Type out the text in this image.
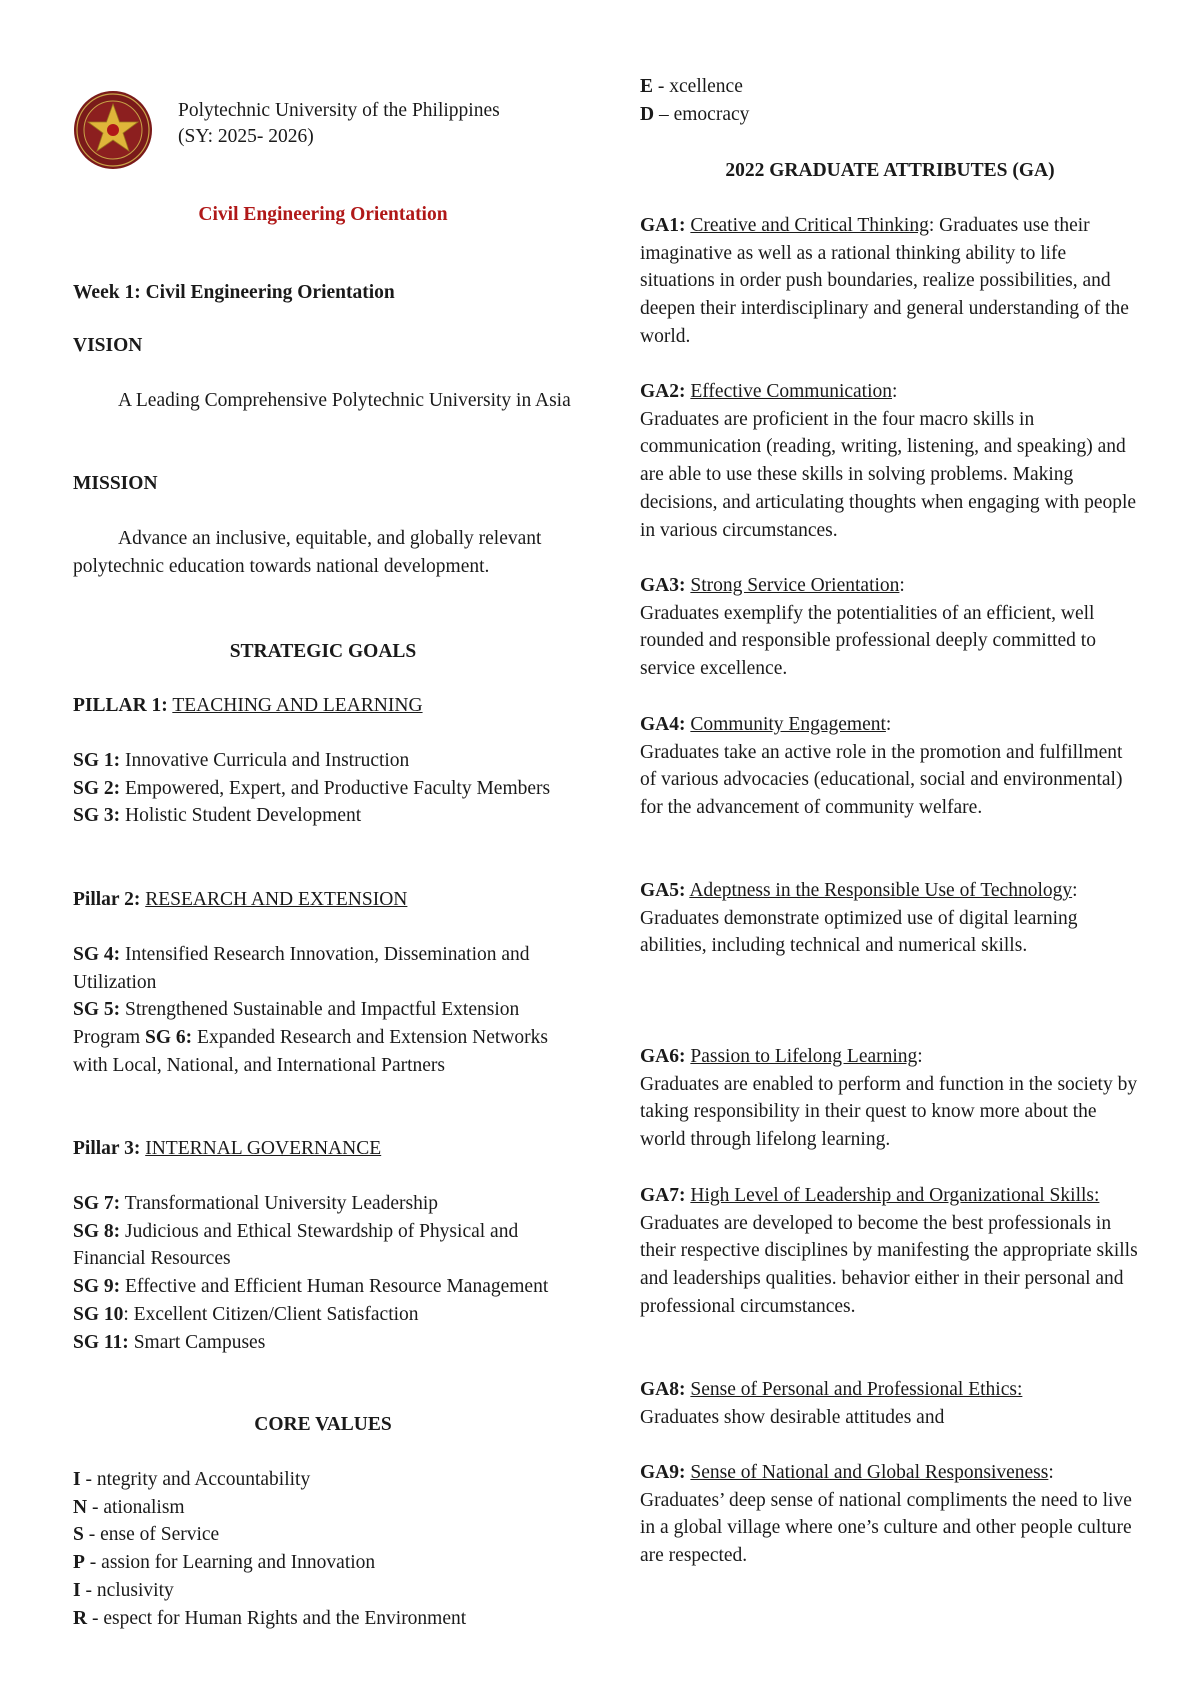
Polytechnic University of the Philippines
(SY: 2025- 2026)
Civil Engineering Orientation
Week 1: Civil Engineering Orientation
VISION

A Leading Comprehensive Polytechnic University in Asia

MISSION

Advance an inclusive, equitable, and globally relevant polytechnic education towards national development.

STRATEGIC GOALS
PILLAR 1: TEACHING AND LEARNING
SG 1: Innovative Curricula and Instruction
SG 2: Empowered, Expert, and Productive Faculty Members
SG 3: Holistic Student Development
Pillar 2: RESEARCH AND EXTENSION
SG 4: Intensified Research Innovation, Dissemination and Utilization
SG 5: Strengthened Sustainable and Impactful Extension Program SG 6: Expanded Research and Extension Networks with Local, National, and International Partners
Pillar 3: INTERNAL GOVERNANCE
SG 7: Transformational University Leadership
SG 8: Judicious and Ethical Stewardship of Physical and Financial Resources
SG 9: Effective and Efficient Human Resource Management
SG 10: Excellent Citizen/Client Satisfaction
SG 11: Smart Campuses
CORE VALUES
I - ntegrity and Accountability
N - ationalism
S - ense of Service
P - assion for Learning and Innovation
I - nclusivity
R - espect for Human Rights and the Environment
E - xcellence
D – emocracy
2022 GRADUATE ATTRIBUTES (GA)

GA1: Creative and Critical Thinking: Graduates use their imaginative as well as a rational thinking ability to life situations in order push boundaries, realize possibilities, and deepen their interdisciplinary and general understanding of the world.

GA2: Effective Communication:
Graduates are proficient in the four macro skills in communication (reading, writing, listening, and speaking) and are able to use these skills in solving problems. Making decisions, and articulating thoughts when engaging with people in various circumstances.
GA3: Strong Service Orientation:
Graduates exemplify the potentialities of an efficient, well rounded and responsible professional deeply committed to service excellence.
GA4: Community Engagement:
Graduates take an active role in the promotion and fulfillment of various advocacies (educational, social and environmental) for the advancement of community welfare.
GA5: Adeptness in the Responsible Use of Technology:
Graduates demonstrate optimized use of digital learning abilities, including technical and numerical skills.
GA6: Passion to Lifelong Learning:
Graduates are enabled to perform and function in the society by taking responsibility in their quest to know more about the world through lifelong learning.
GA7: High Level of Leadership and Organizational Skills:
Graduates are developed to become the best professionals in their respective disciplines by manifesting the appropriate skills and leaderships qualities. behavior either in their personal and professional circumstances.
GA8: Sense of Personal and Professional Ethics:
Graduates show desirable attitudes and
GA9: Sense of National and Global Responsiveness:
Graduates’ deep sense of national compliments the need to live in a global village where one’s culture and other people culture are respected.
